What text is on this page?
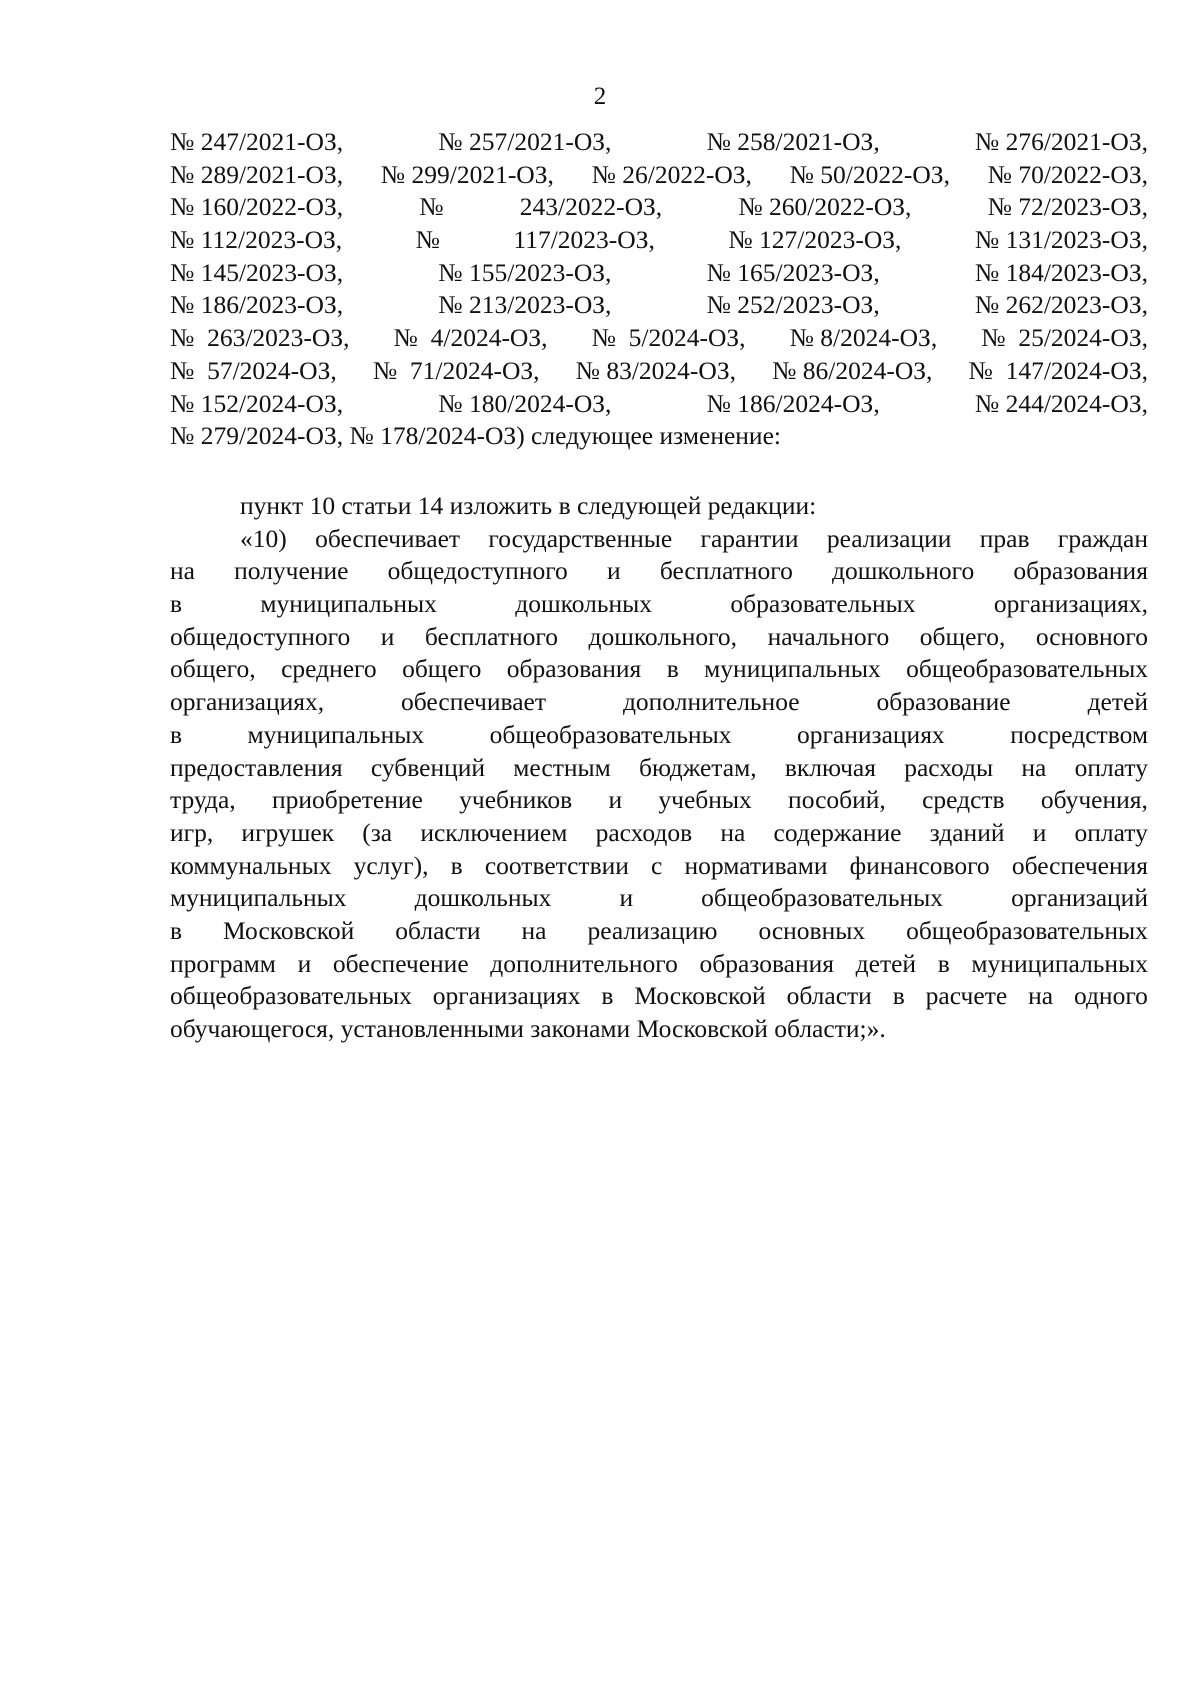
2
№ 247/2021-ОЗ,	№ 257/2021-ОЗ,	№ 258/2021-ОЗ,	№ 276/2021-ОЗ,
№ 289/2021-ОЗ, № 299/2021-ОЗ, № 26/2022-ОЗ, № 50/2022-ОЗ, № 70/2022-ОЗ,
№ 160/2022-ОЗ,	№	243/2022-ОЗ,	№ 260/2022-ОЗ,	№ 72/2023-ОЗ,
№ 112/2023-ОЗ,	№	117/2023-ОЗ,	№ 127/2023-ОЗ,	№ 131/2023-ОЗ,
№ 145/2023-ОЗ,	№ 155/2023-ОЗ,	№ 165/2023-ОЗ,	№ 184/2023-ОЗ,
№ 186/2023-ОЗ,	№ 213/2023-ОЗ,	№ 252/2023-ОЗ,	№ 262/2023-ОЗ,
№  263/2023-ОЗ, №  4/2024-ОЗ, №  5/2024-ОЗ, № 8/2024-ОЗ, №  25/2024-ОЗ,
№  57/2024-ОЗ, №  71/2024-ОЗ, № 83/2024-ОЗ, № 86/2024-ОЗ, №  147/2024-ОЗ,
№ 152/2024-ОЗ,	№ 180/2024-ОЗ,	№ 186/2024-ОЗ,	№ 244/2024-ОЗ,
№ 279/2024-ОЗ, № 178/2024-ОЗ) следующее изменение:
пункт 10 статьи 14 изложить в следующей редакции:
«10) обеспечивает государственные гарантии реализации прав граждан
на получение общедоступного и бесплатного дошкольного образования
в	муниципальных	дошкольных	образовательных	организациях,
общедоступного и бесплатного дошкольного, начального общего, основного
общего, среднего общего образования в муниципальных общеобразовательных
организациях,	обеспечивает	дополнительное	образование	детей
в	муниципальных	общеобразовательных	организациях	посредством
предоставления субвенций местным бюджетам, включая расходы на оплату
труда, приобретение учебников и учебных пособий, средств обучения,
игр, игрушек (за исключением расходов на содержание зданий и оплату
коммунальных услуг), в соответствии с нормативами финансового обеспечения
муниципальных	дошкольных	и	общеобразовательных	организаций
в Московской области на реализацию основных общеобразовательных
программ и обеспечение дополнительного образования детей в муниципальных
общеобразовательных организациях в Московской области в расчете на одного
обучающегося, установленными законами Московской области;».
